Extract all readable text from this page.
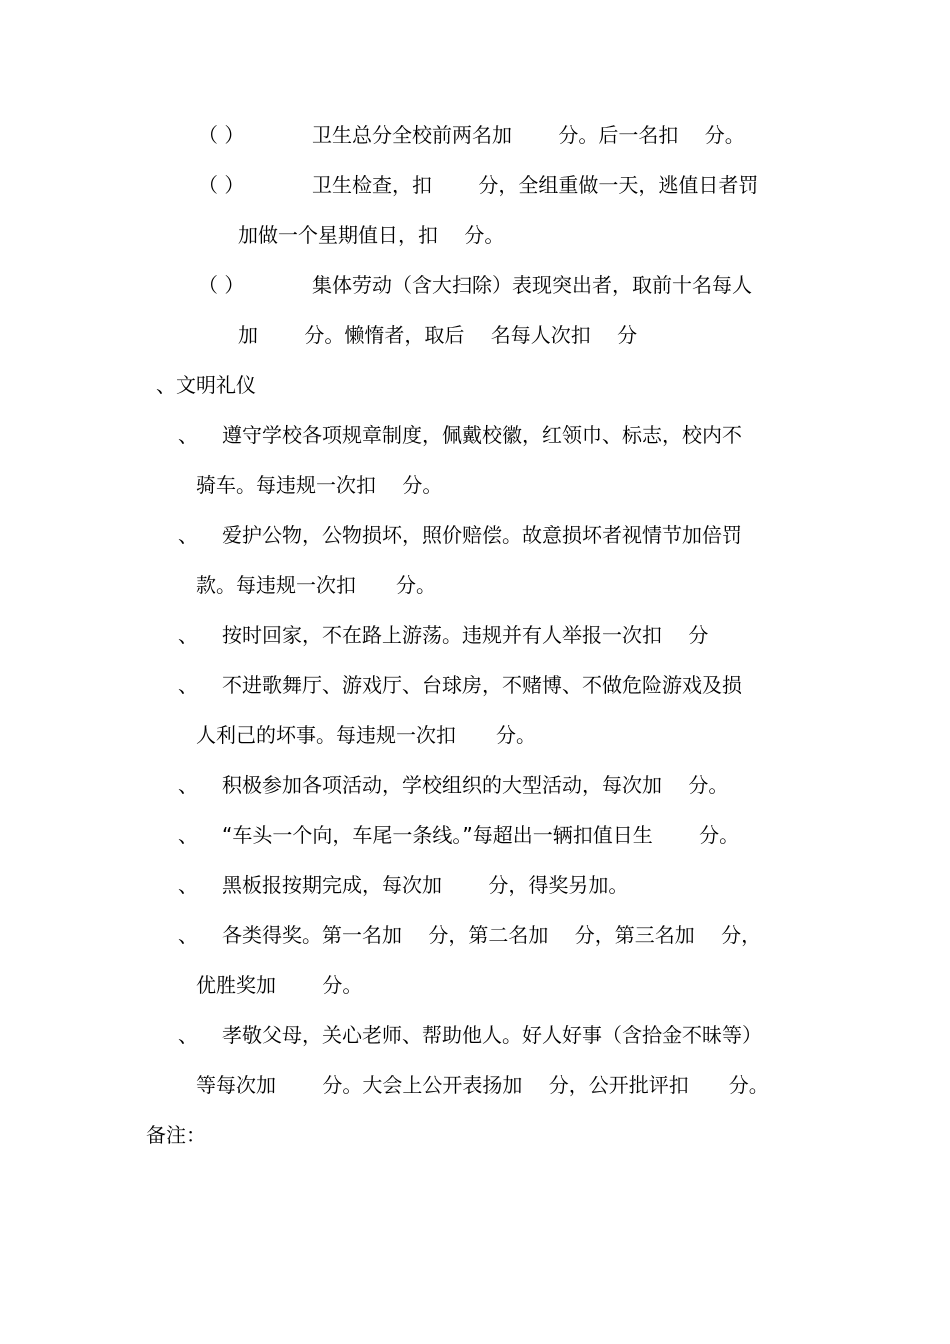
（ ）	卫生总分全校前两名加　　 分。后一名扣　 分。
（ ）	卫生检查，扣　　 分，全组重做一天，逃值日者罚
加做一个星期值日，扣　 分。
（ ）	集体劳动（含大扫除）表现突出者，取前十名每人
加　　 分。懒惰者，取后　 名每人次扣　 分
、文明礼仪
、 遵守学校各项规章制度，佩戴校徽，红领巾、标志，校内不
骑车。每违规一次扣　 分。
、 爱护公物，公物损坏，照价赔偿。故意损坏者视情节加倍罚
款。每违规一次扣　　分。
、 按时回家，不在路上游荡。违规并有人举报一次扣　 分
、 不进歌舞厅、游戏厅、台球房，不赌博、不做危险游戏及损
人利己的坏事。每违规一次扣　　分。
、 积极参加各项活动，学校组织的大型活动，每次加　 分。
、 “车头一个向，车尾一条线。”每超出一辆扣值日生　　 分。
、 黑板报按期完成，每次加　　 分，得奖另加。
、 各类得奖。第一名加　 分，第二名加　 分，第三名加　 分，
优胜奖加　　 分。
、 孝敬父母，关心老师、帮助他人。好人好事（含拾金不昧等）
等每次加　　 分。大会上公开表扬加　 分，公开批评扣　　分。
备注：
